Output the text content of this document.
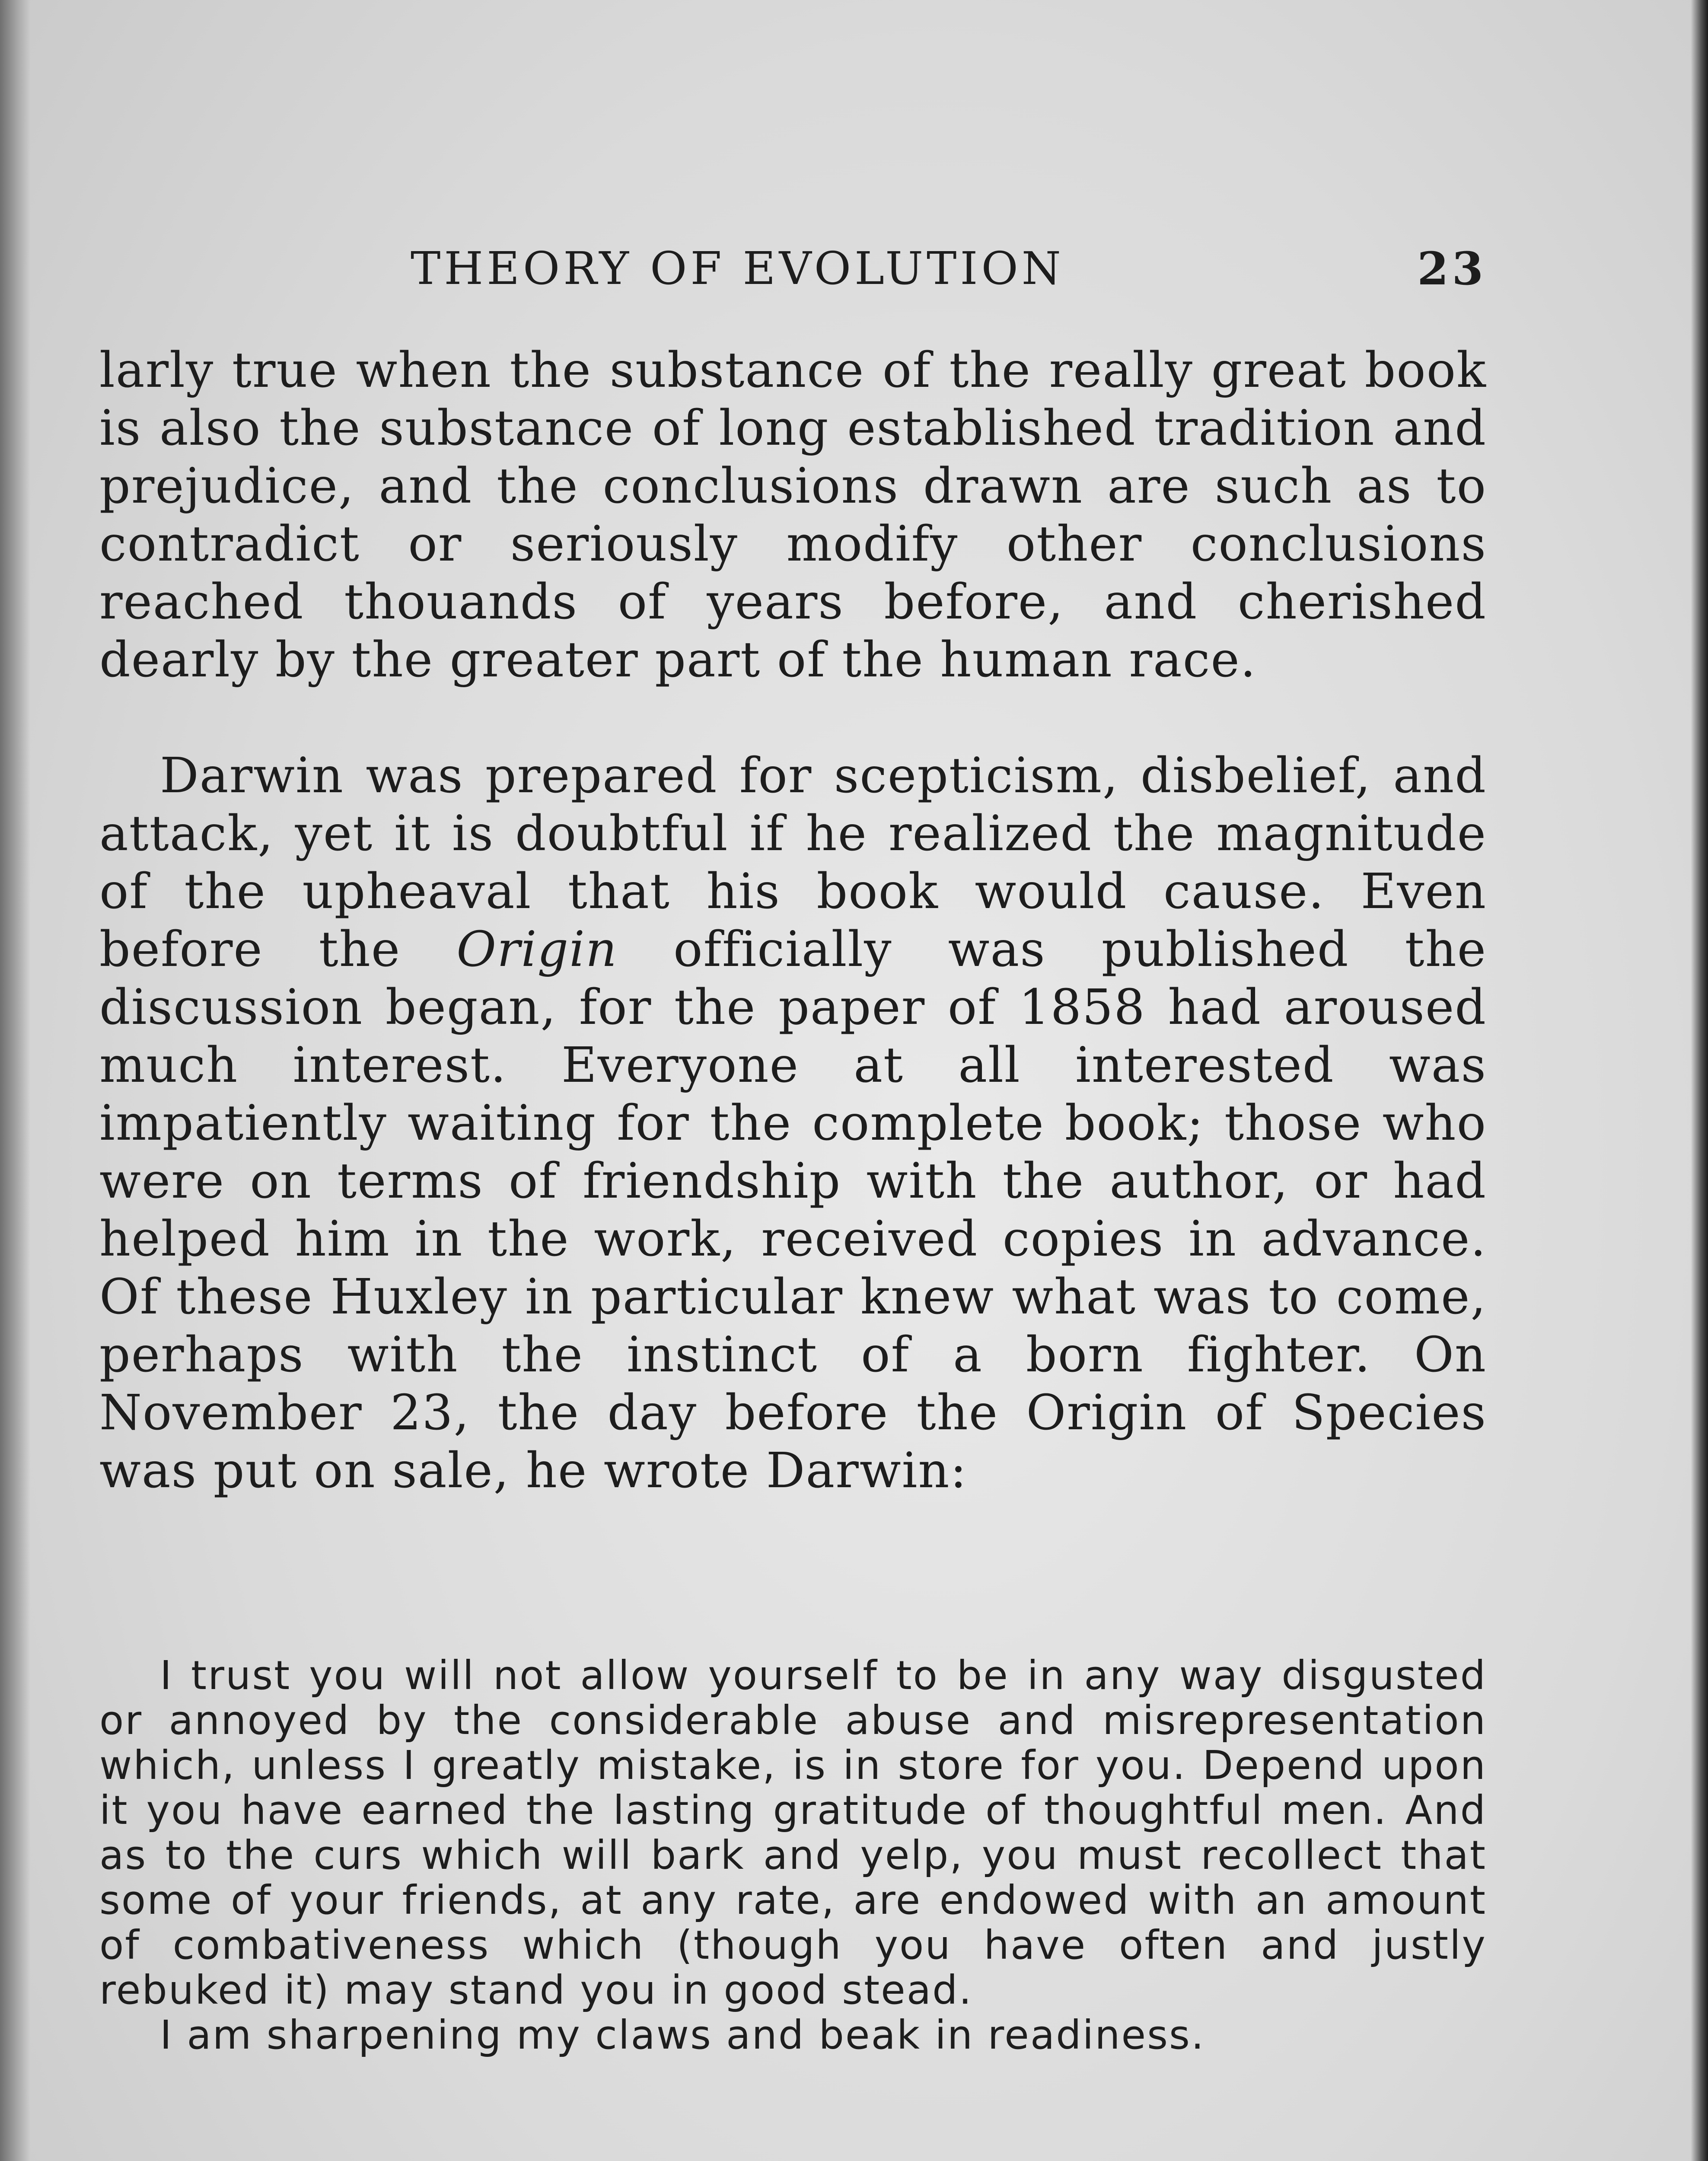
THEORY OF EVOLUTION	23

larly true when the substance of the really great book is also the substance of long established tradition and prejudice, and the conclusions drawn are such as to contradict or seriously modify other conclusions reached thouands of years before, and cherished dearly by the greater part of the human race.

Darwin was prepared for scepticism, disbelief, and attack, yet it is doubtful if he realized the magnitude of the upheaval that his book would cause. Even before the Origin officially was published the discussion began, for the paper of 1858 had aroused much interest. Everyone at all interested was impatiently waiting for the complete book; those who were on terms of friendship with the author, or had helped him in the work, received copies in advance. Of these Huxley in particular knew what was to come, perhaps with the instinct of a born fighter. On November 23, the day before the Origin of Species was put on sale, he wrote Darwin:

I trust you will not allow yourself to be in any way disgusted or annoyed by the considerable abuse and misrepresentation which, unless I greatly mistake, is in store for you. Depend upon it you have earned the lasting gratitude of thoughtful men. And as to the curs which will bark and yelp, you must recollect that some of your friends, at any rate, are endowed with an amount of combativeness which (though you have often and justly rebuked it) may stand you in good stead.

I am sharpening my claws and beak in readiness.
